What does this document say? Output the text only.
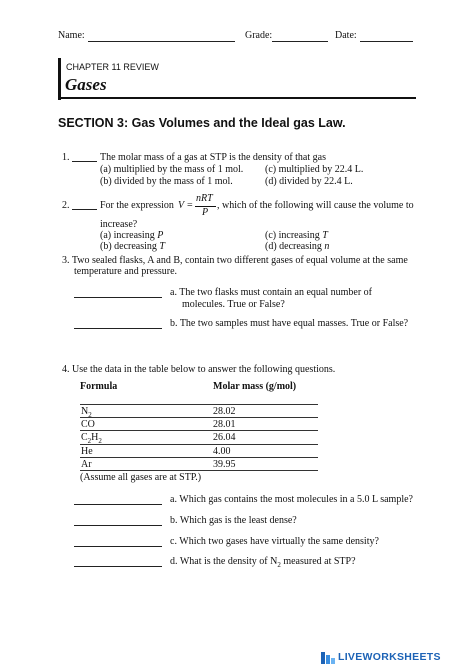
Name:	Grade:	Date:
CHAPTER 11 REVIEW
Gases
SECTION 3: Gas Volumes and the Ideal gas Law.
1.	The molar mass of a gas at STP is the density of that gas
(a) multiplied by the mass of 1 mol. (c) multiplied by 22.4 L.
(b) divided by the mass of 1 mol.	(d) divided by 22.4 L.
2.	For the expression V =
nRT
P
, which of the following will cause the volume to
increase?
(a) increasing P	(c) increasing T
(b) decreasing T	(d) decreasing n
3. Two sealed flasks, A and B, contain two different gases of equal volume at the same
temperature and pressure.
a. The two flasks must contain an equal number of
molecules. True or False?
b. The two samples must have equal masses. True or False?
4. Use the data in the table below to answer the following questions.
Formula	Molar mass (g/mol)
$N_2$	28.02
CO	28.01
$C_2H_2$	26.04
He	4.00
Ar	39.95
(Assume all gases are at STP.)
a. Which gas contains the most molecules in a 5.0 L sample?
b. Which gas is the least dense?
c. Which two gases have virtually the same density?
d. What is the density of $N_2$ measured at STP?
LIVEWORKSHEETS
